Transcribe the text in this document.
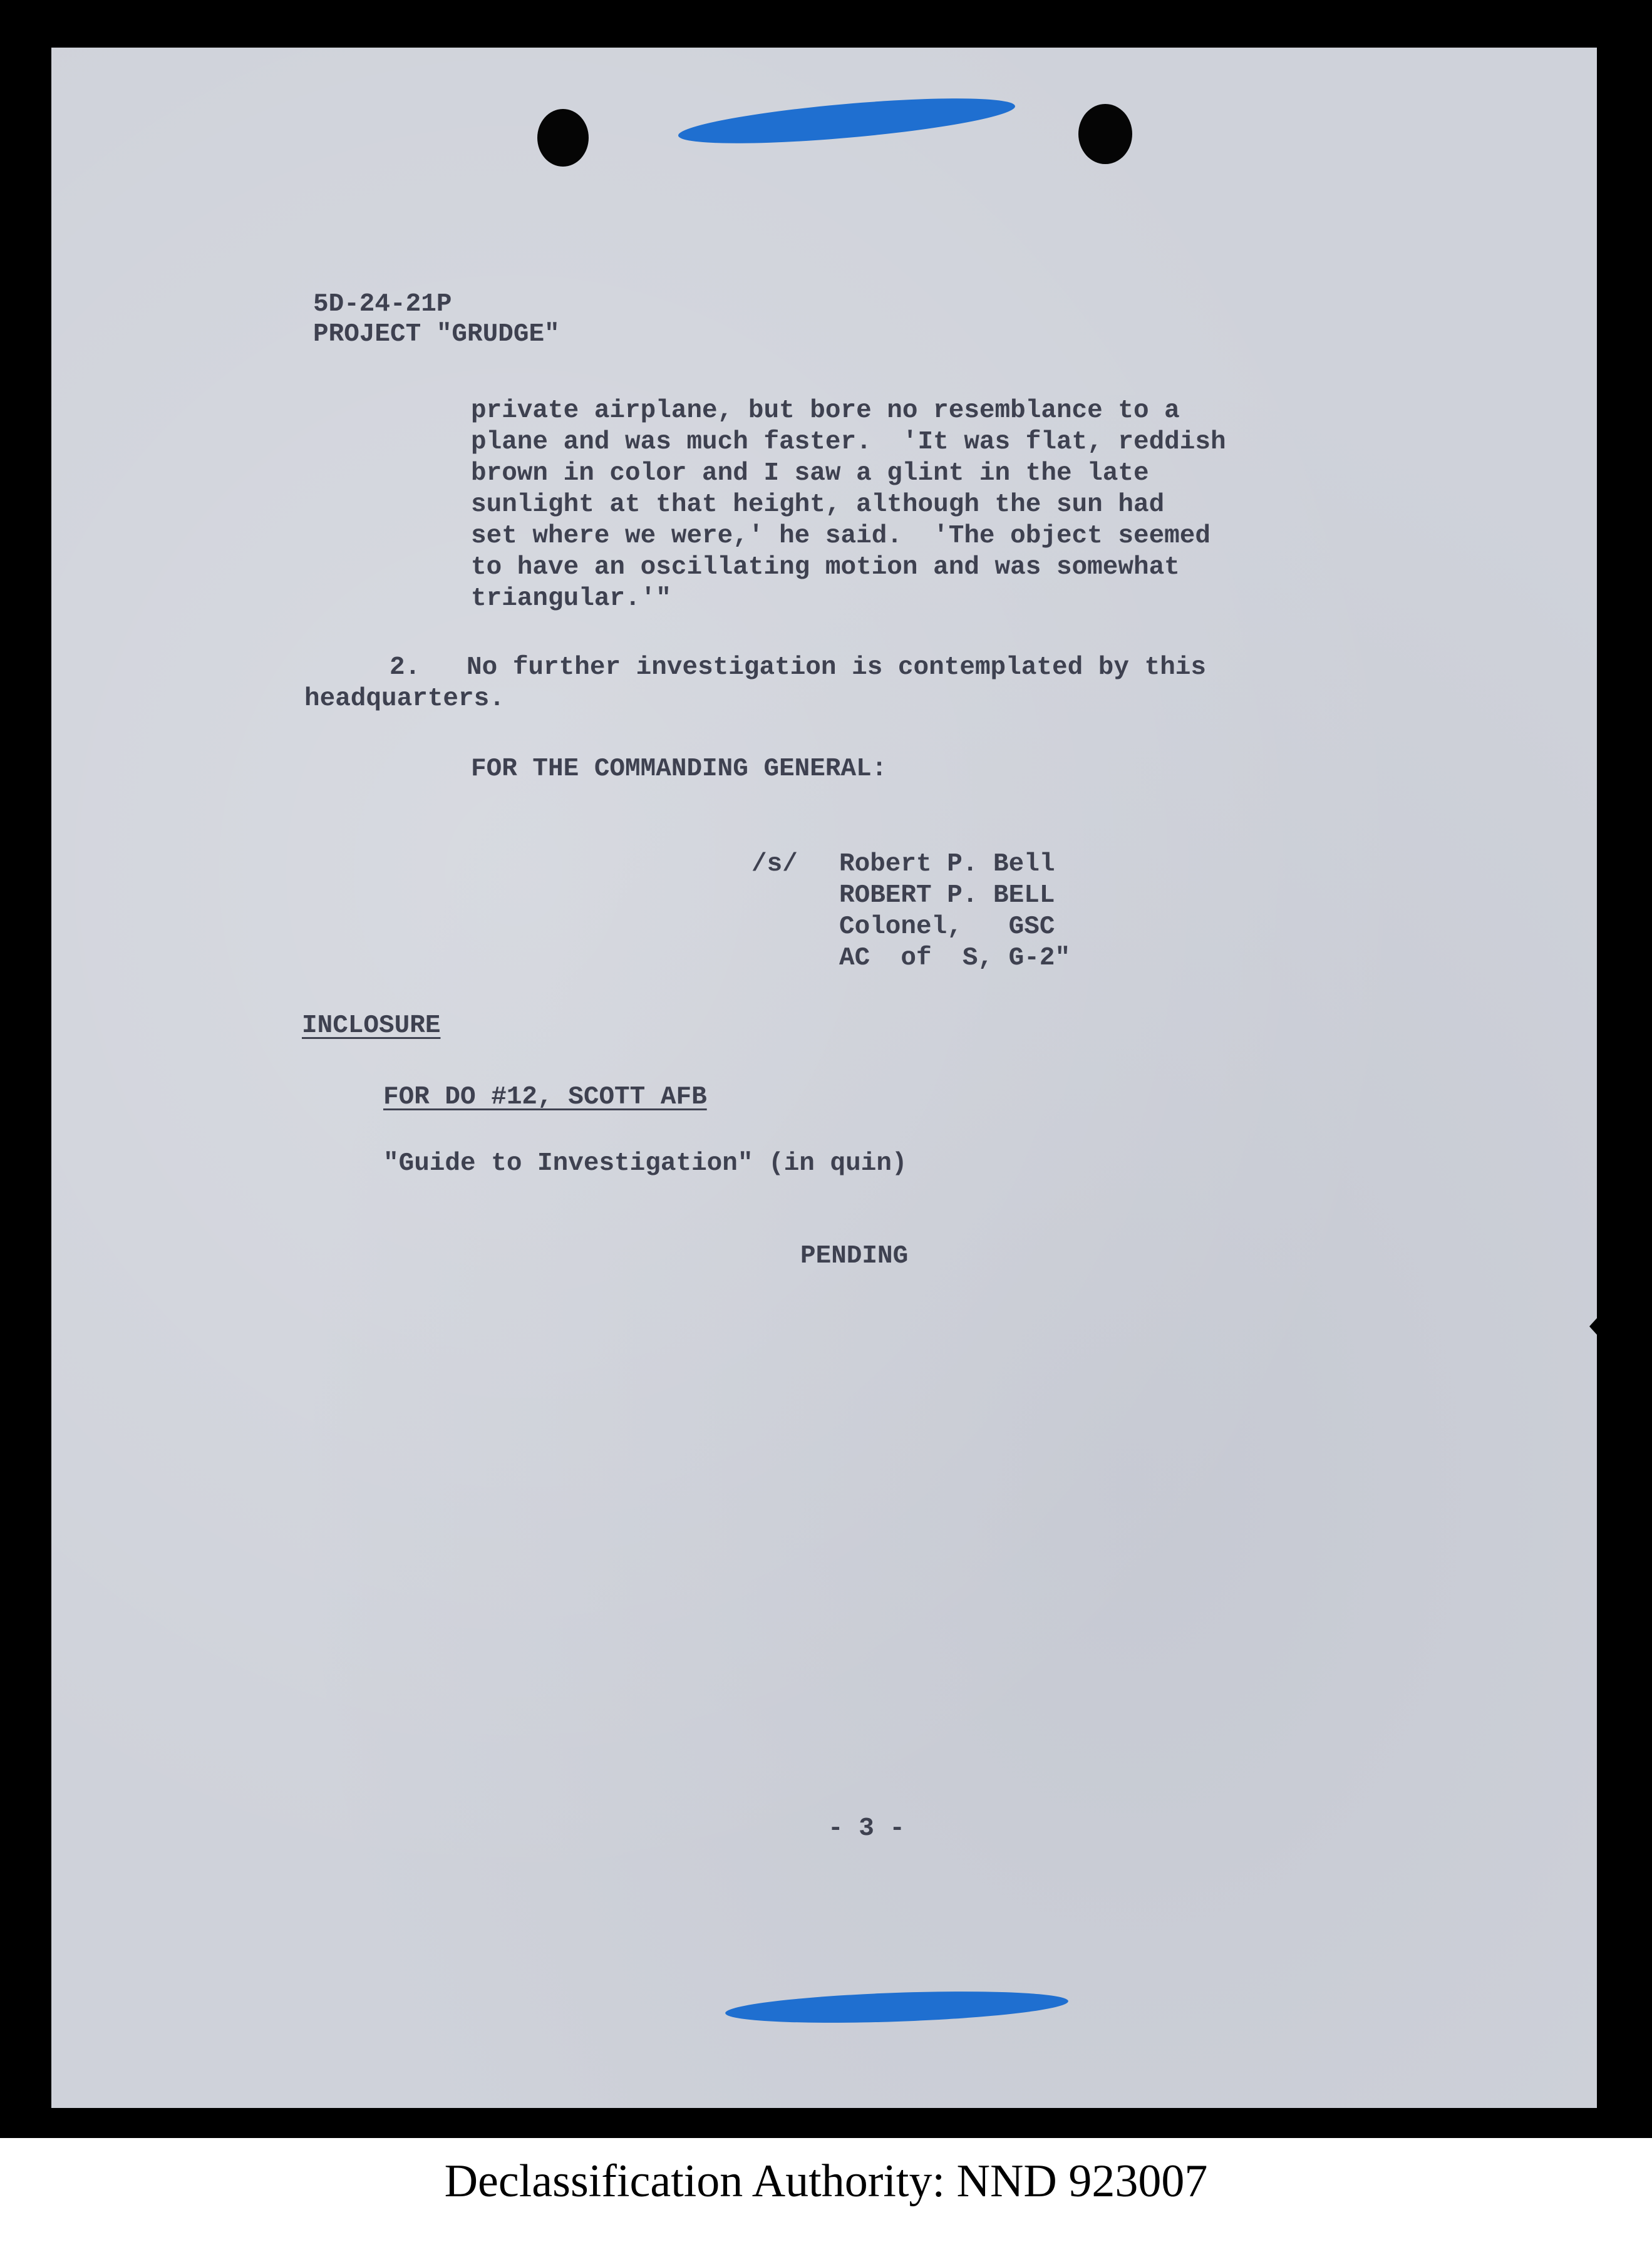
5D-24-21P
PROJECT "GRUDGE"
private airplane, but bore no resemblance to a
plane and was much faster.  'It was flat, reddish
brown in color and I saw a glint in the late
sunlight at that height, although the sun had
set where we were,' he said.  'The object seemed
to have an oscillating motion and was somewhat
triangular.'"
2.   No further investigation is contemplated by this
headquarters.
FOR THE COMMANDING GENERAL:
/s/ Robert P. Bell
ROBERT P. BELL
Colonel,   GSC
AC  of  S, G-2"
INCLOSURE
FOR DO #12, SCOTT AFB
"Guide to Investigation" (in quin)
PENDING
- 3 -
Declassification Authority: NND 923007
